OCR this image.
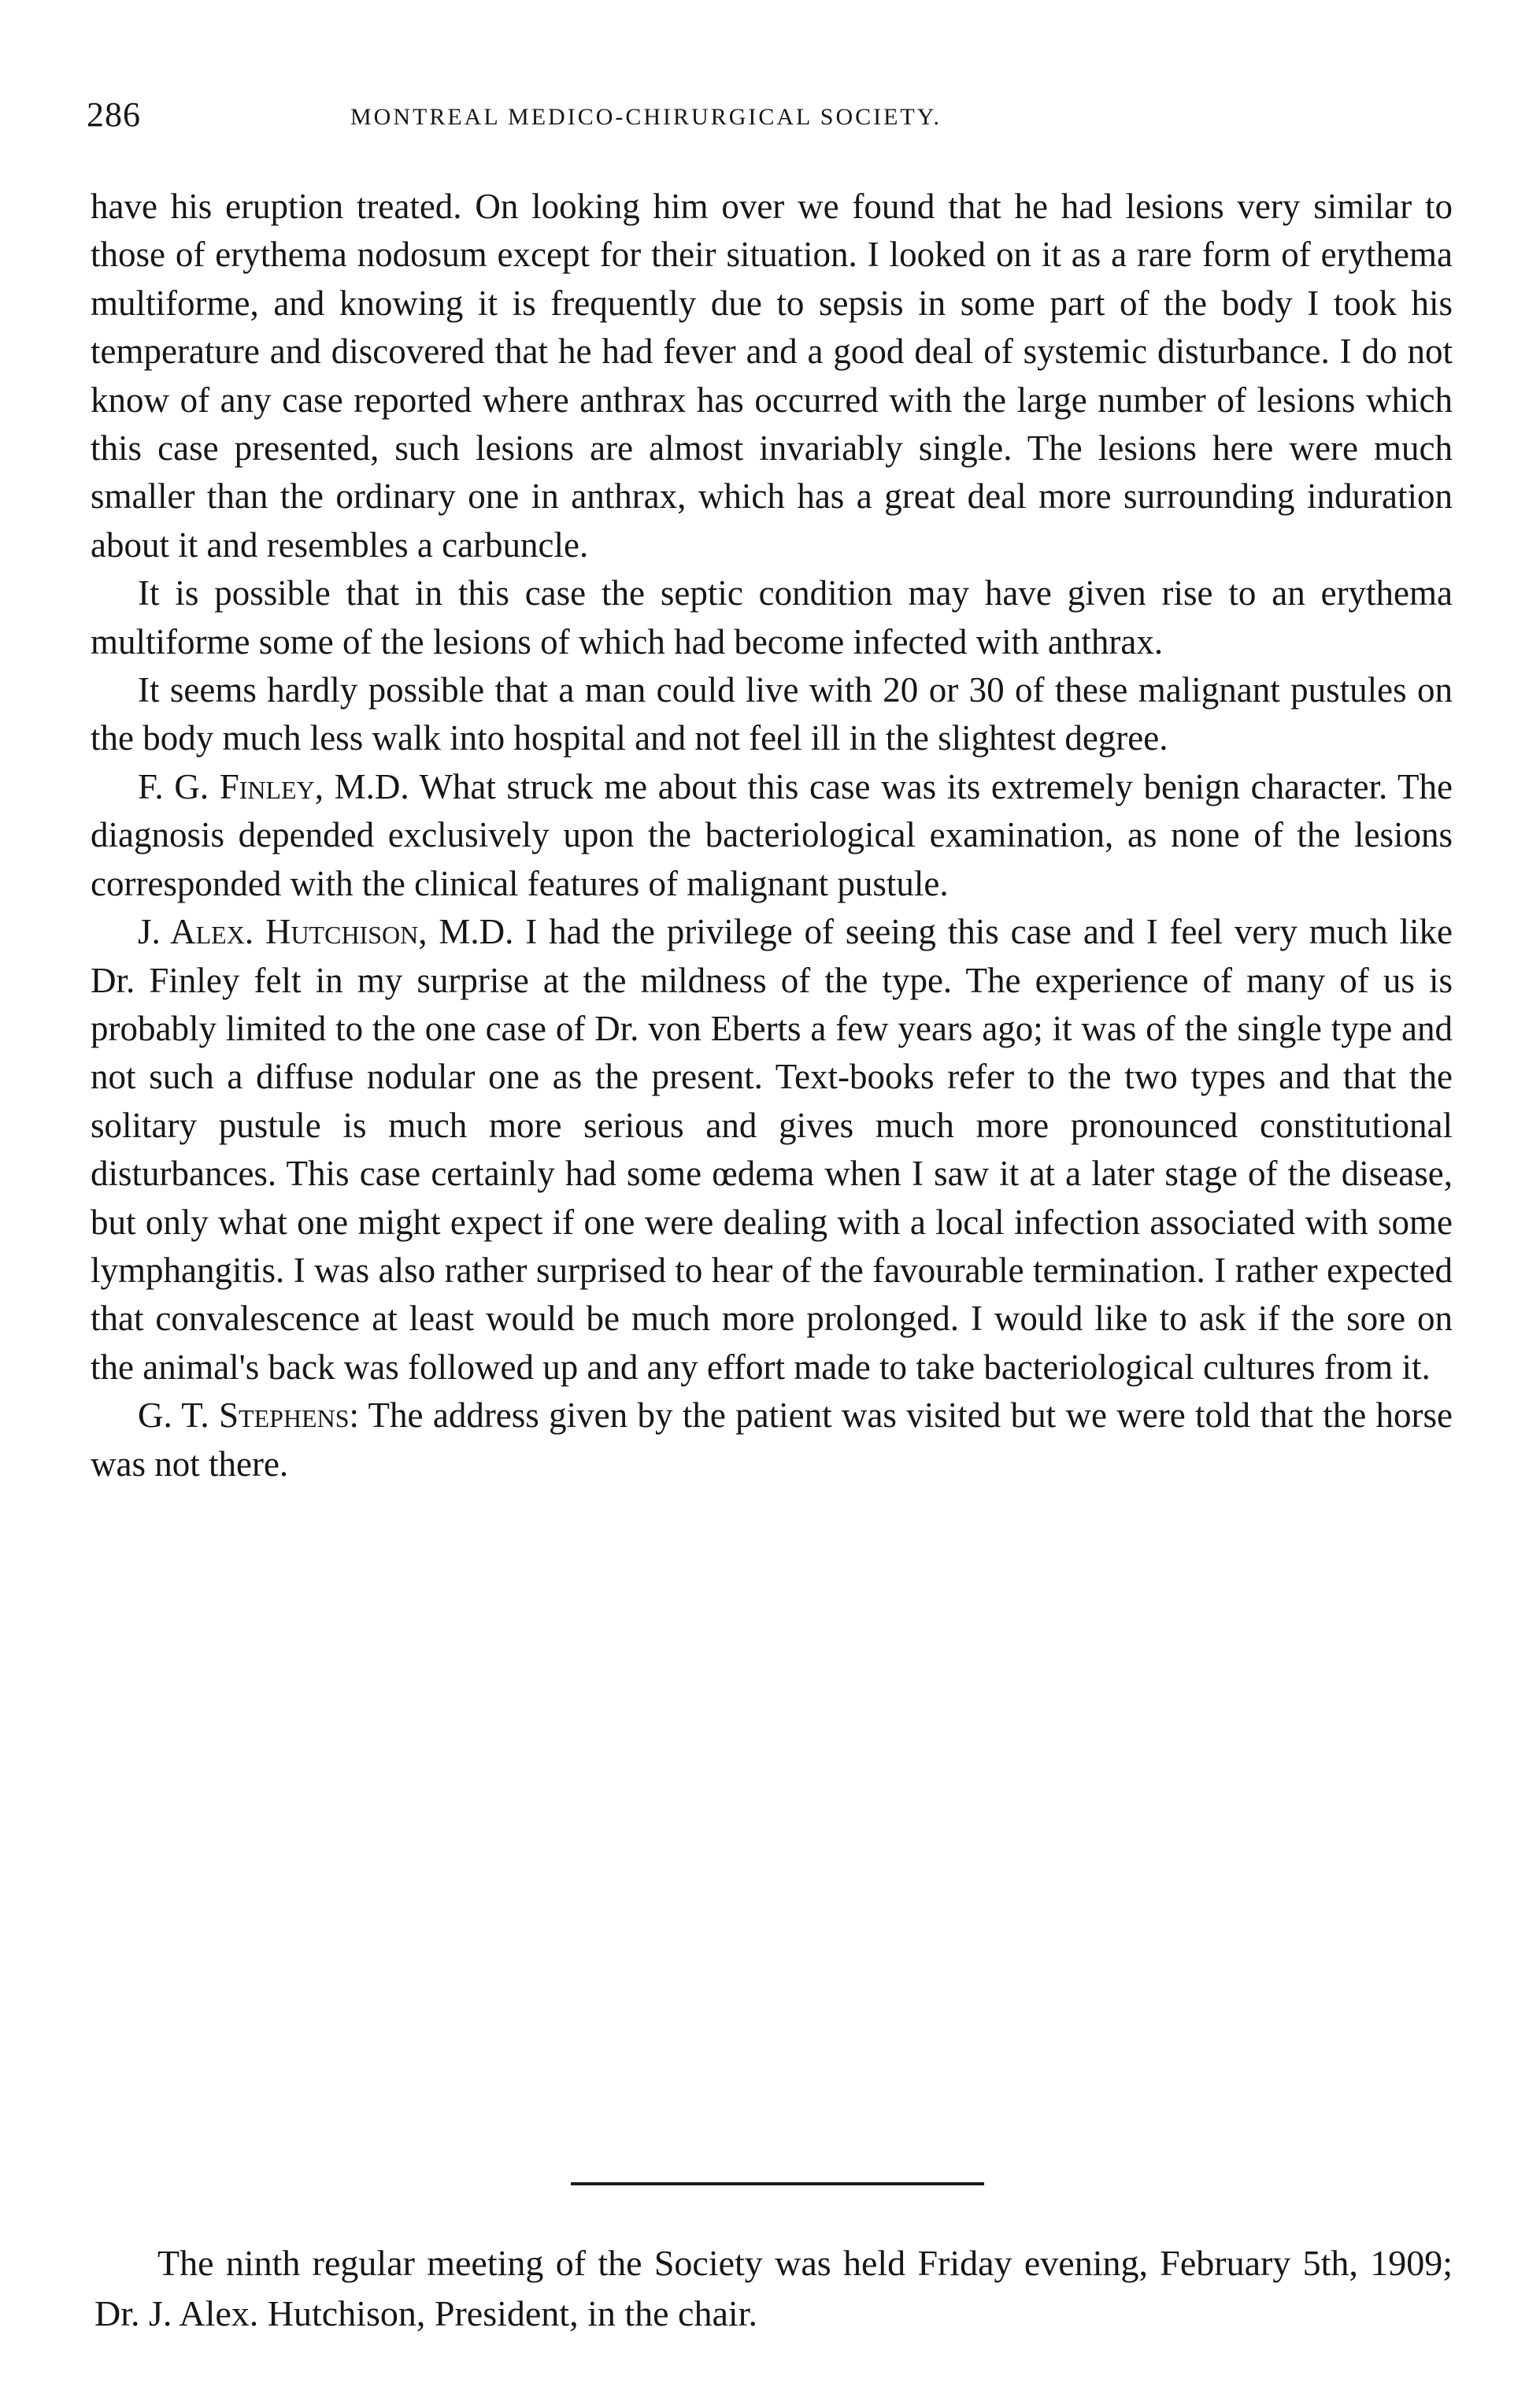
286	MONTREAL MEDICO-CHIRURGICAL SOCIETY.

have his eruption treated. On looking him over we found that he had lesions very similar to those of erythema nodosum except for their situation. I looked on it as a rare form of erythema multiforme, and knowing it is frequently due to sepsis in some part of the body I took his temperature and discovered that he had fever and a good deal of systemic disturbance. I do not know of any case reported where anthrax has occurred with the large number of lesions which this case presented, such lesions are almost invariably single. The lesions here were much smaller than the ordinary one in anthrax, which has a great deal more surrounding induration about it and resembles a carbuncle.

It is possible that in this case the septic condition may have given rise to an erythema multiforme some of the lesions of which had become infected with anthrax.

It seems hardly possible that a man could live with 20 or 30 of these malignant pustules on the body much less walk into hospital and not feel ill in the slightest degree.

F. G. Finley, M.D. What struck me about this case was its extremely benign character. The diagnosis depended exclusively upon the bacteriological examination, as none of the lesions corresponded with the clinical features of malignant pustule.

J. Alex. Hutchison, M.D. I had the privilege of seeing this case and I feel very much like Dr. Finley felt in my surprise at the mildness of the type. The experience of many of us is probably limited to the one case of Dr. von Eberts a few years ago; it was of the single type and not such a diffuse nodular one as the present. Text-books refer to the two types and that the solitary pustule is much more serious and gives much more pronounced constitutional disturbances. This case certainly had some œdema when I saw it at a later stage of the disease, but only what one might expect if one were dealing with a local infection associated with some lymphangitis. I was also rather surprised to hear of the favourable termination. I rather expected that convalescence at least would be much more prolonged. I would like to ask if the sore on the animal's back was followed up and any effort made to take bacteriological cultures from it.

G. T. Stephens: The address given by the patient was visited but we were told that the horse was not there.

The ninth regular meeting of the Society was held Friday evening, February 5th, 1909; Dr. J. Alex. Hutchison, President, in the chair.
